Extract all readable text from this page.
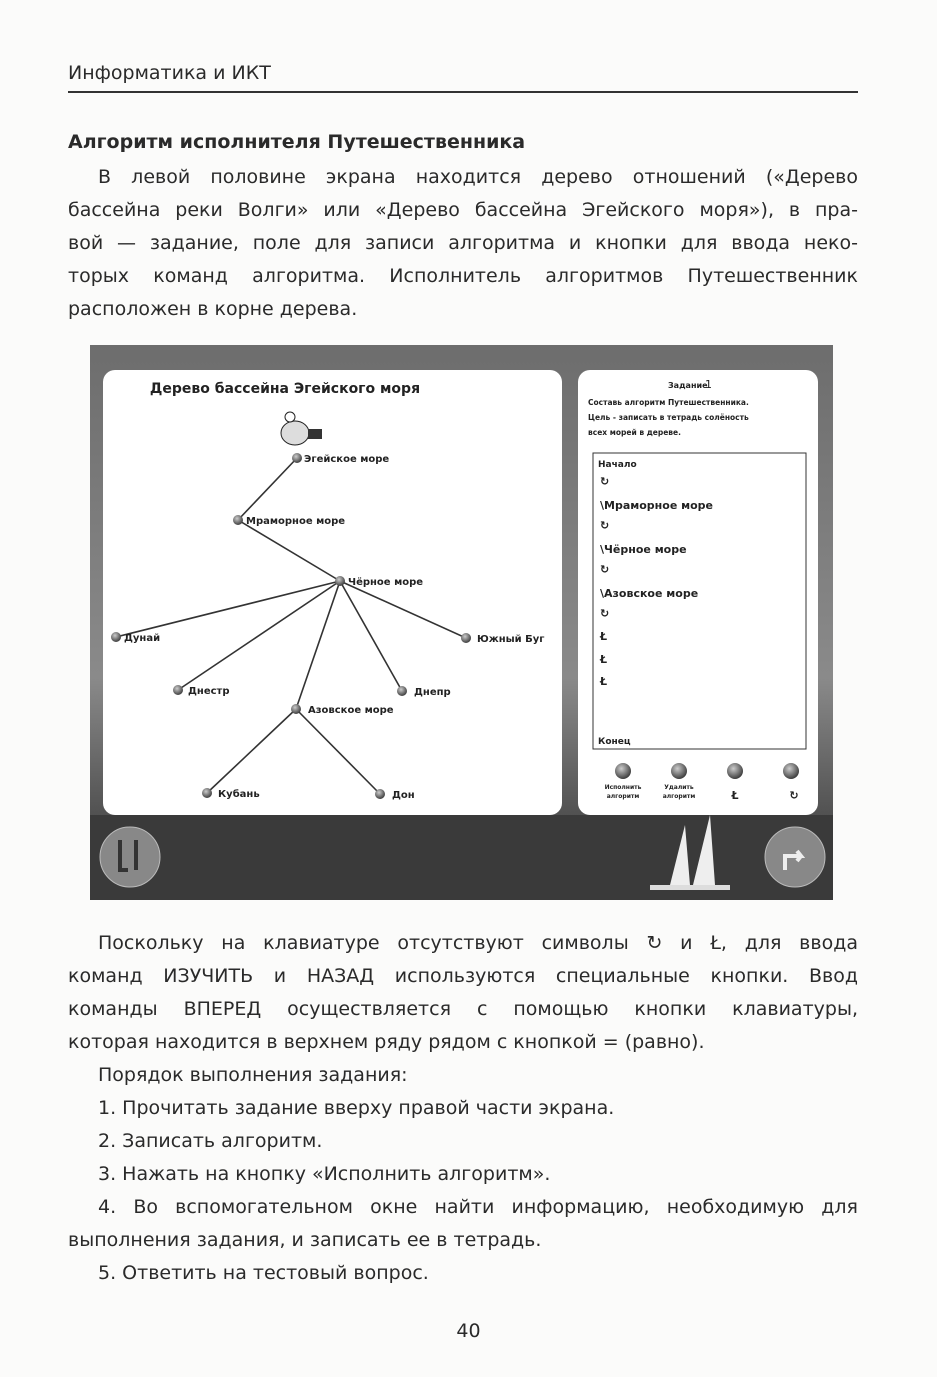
Информатика и ИКТ
Алгоритм исполнителя Путешественника
В левой половине экрана находится дерево отношений («Дерево
бассейна реки Волги» или «Дерево бассейна Эгейского моря»), в пра-
вой — задание, поле для записи алгоритма и кнопки для ввода неко-
торых команд алгоритма. Исполнитель алгоритмов Путешественник
расположен в корне дерева.
Дерево бассейна Эгейского моря
Эгейское море
Мраморное море
Чёрное море
Дунай	Южный Буг
Днестр	Днепр
Азовское море
Кубань	Дон
Задание
1
Составь алгоритм Путешественника.
Цель - записать в тетрадь солёность
всех морей в дереве.
Начало
↻
\Мраморное море
↻
\Чёрное море
↻
\Азовское море
↻
Ł
Ł
Ł
Конец
Исполнить
алгоритм
Удалить
алгоритм	Ł	↻
Поскольку на клавиатуре отсутствуют символы ↻ и Ł, для ввода
команд ИЗУЧИТЬ и НАЗАД используются специальные кнопки. Ввод
команды ВПЕРЕД осуществляется с помощью кнопки клавиатуры,
которая находится в верхнем ряду рядом с кнопкой = (равно).
Порядок выполнения задания:
1. Прочитать задание вверху правой части экрана.
2. Записать алгоритм.
3. Нажать на кнопку «Исполнить алгоритм».
4. Во вспомогательном окне найти информацию, необходимую для
выполнения задания, и записать ее в тетрадь.
5. Ответить на тестовый вопрос.
40
